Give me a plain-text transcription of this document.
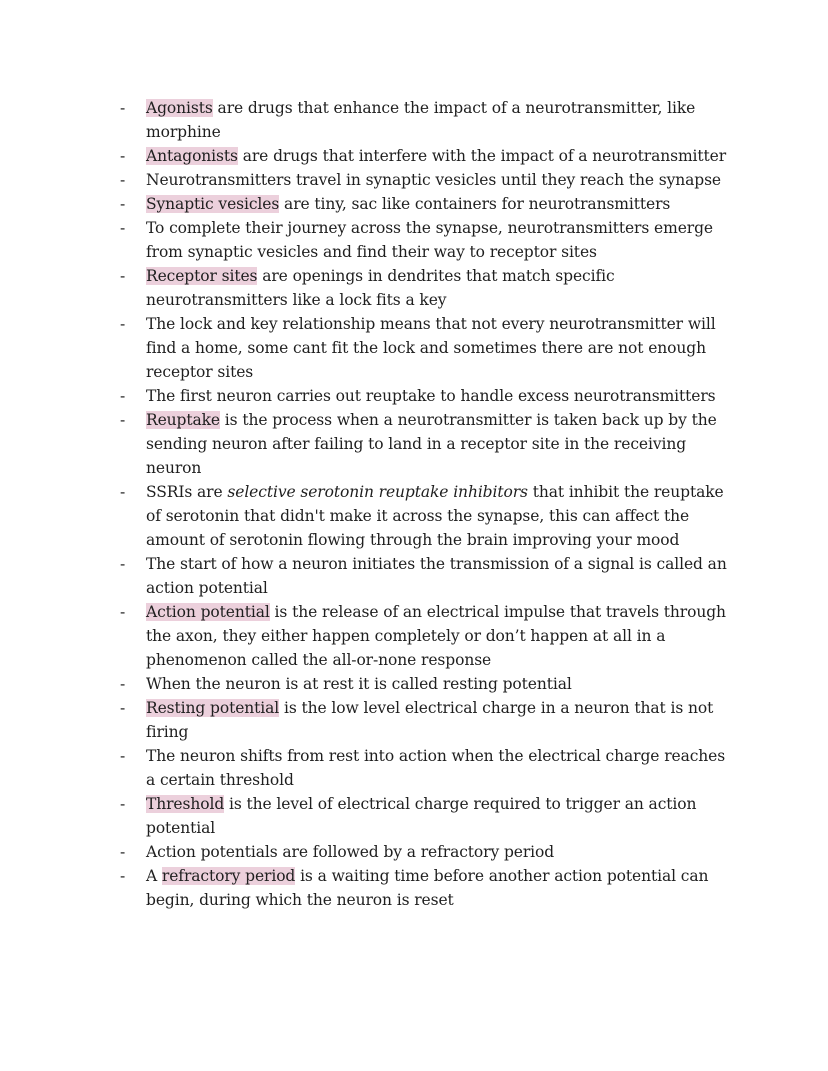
- Agonists are drugs that enhance the impact of a neurotransmitter, like morphine
- Antagonists are drugs that interfere with the impact of a neurotransmitter
- Neurotransmitters travel in synaptic vesicles until they reach the synapse
- Synaptic vesicles are tiny, sac like containers for neurotransmitters
- To complete their journey across the synapse, neurotransmitters emerge from synaptic vesicles and find their way to receptor sites
- Receptor sites are openings in dendrites that match specific neurotransmitters like a lock fits a key
- The lock and key relationship means that not every neurotransmitter will find a home, some cant fit the lock and sometimes there are not enough receptor sites
- The first neuron carries out reuptake to handle excess neurotransmitters
- Reuptake is the process when a neurotransmitter is taken back up by the sending neuron after failing to land in a receptor site in the receiving neuron
- SSRIs are selective serotonin reuptake inhibitors that inhibit the reuptake of serotonin that didn't make it across the synapse, this can affect the amount of serotonin flowing through the brain improving your mood
- The start of how a neuron initiates the transmission of a signal is called an action potential
- Action potential is the release of an electrical impulse that travels through the axon, they either happen completely or don’t happen at all in a phenomenon called the all-or-none response
- When the neuron is at rest it is called resting potential
- Resting potential is the low level electrical charge in a neuron that is not firing
- The neuron shifts from rest into action when the electrical charge reaches a certain threshold
- Threshold is the level of electrical charge required to trigger an action potential
- Action potentials are followed by a refractory period
- A refractory period is a waiting time before another action potential can begin, during which the neuron is reset
